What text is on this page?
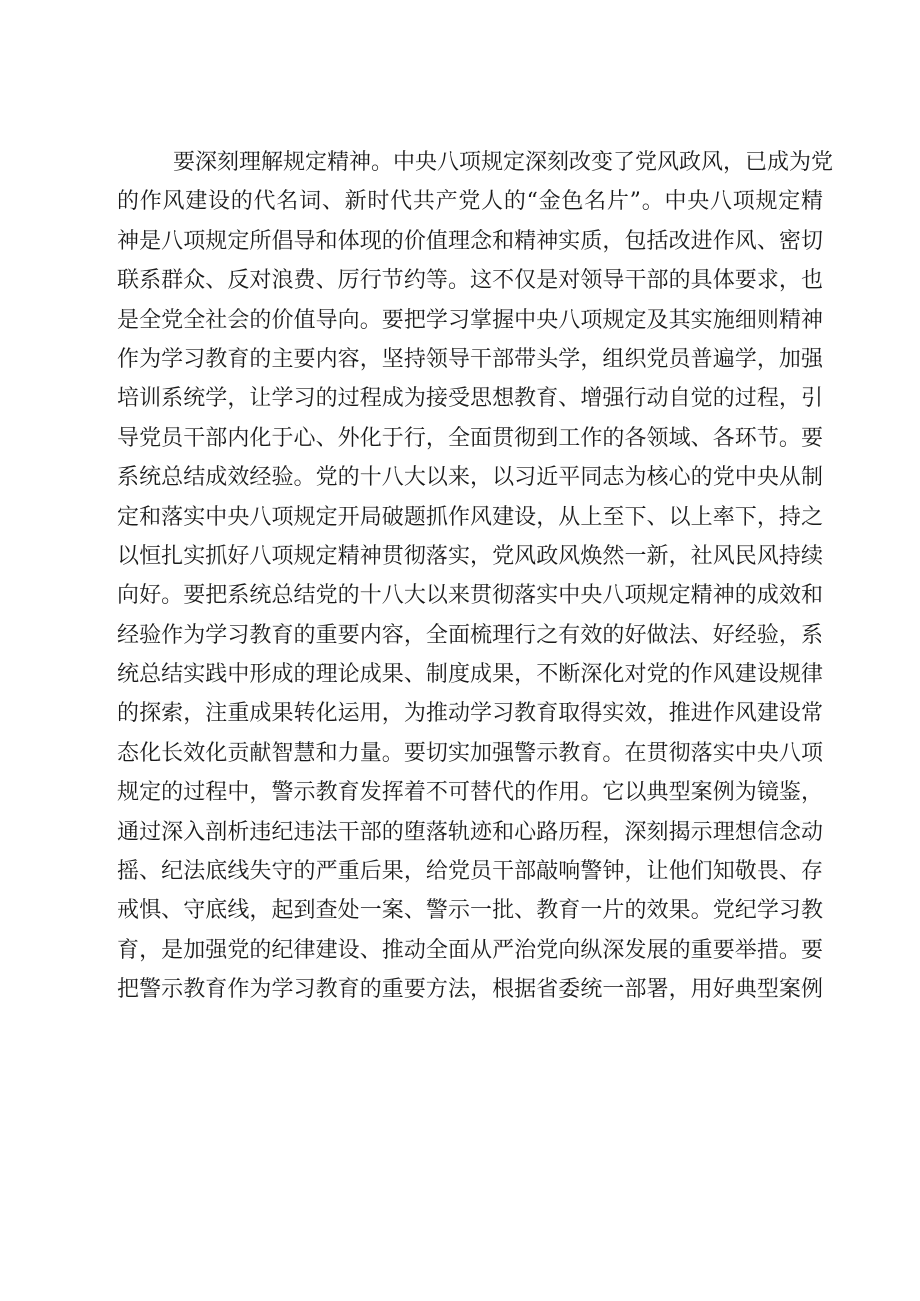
要深刻理解规定精神。中央八项规定深刻改变了党风政风，已成为党
的作风建设的代名词、新时代共产党人的“金色名片”。中央八项规定精
神是八项规定所倡导和体现的价值理念和精神实质，包括改进作风、密切
联系群众、反对浪费、厉行节约等。这不仅是对领导干部的具体要求，也
是全党全社会的价值导向。要把学习掌握中央八项规定及其实施细则精神
作为学习教育的主要内容，坚持领导干部带头学，组织党员普遍学，加强
培训系统学，让学习的过程成为接受思想教育、增强行动自觉的过程，引
导党员干部内化于心、外化于行，全面贯彻到工作的各领域、各环节。要
系统总结成效经验。党的十八大以来，以习近平同志为核心的党中央从制
定和落实中央八项规定开局破题抓作风建设，从上至下、以上率下，持之
以恒扎实抓好八项规定精神贯彻落实，党风政风焕然一新，社风民风持续
向好。要把系统总结党的十八大以来贯彻落实中央八项规定精神的成效和
经验作为学习教育的重要内容，全面梳理行之有效的好做法、好经验，系
统总结实践中形成的理论成果、制度成果，不断深化对党的作风建设规律
的探索，注重成果转化运用，为推动学习教育取得实效，推进作风建设常
态化长效化贡献智慧和力量。要切实加强警示教育。在贯彻落实中央八项
规定的过程中，警示教育发挥着不可替代的作用。它以典型案例为镜鉴，
通过深入剖析违纪违法干部的堕落轨迹和心路历程，深刻揭示理想信念动
摇、纪法底线失守的严重后果，给党员干部敲响警钟，让他们知敬畏、存
戒惧、守底线，起到查处一案、警示一批、教育一片的效果。党纪学习教
育，是加强党的纪律建设、推动全面从严治党向纵深发展的重要举措。要
把警示教育作为学习教育的重要方法，根据省委统一部署，用好典型案例
